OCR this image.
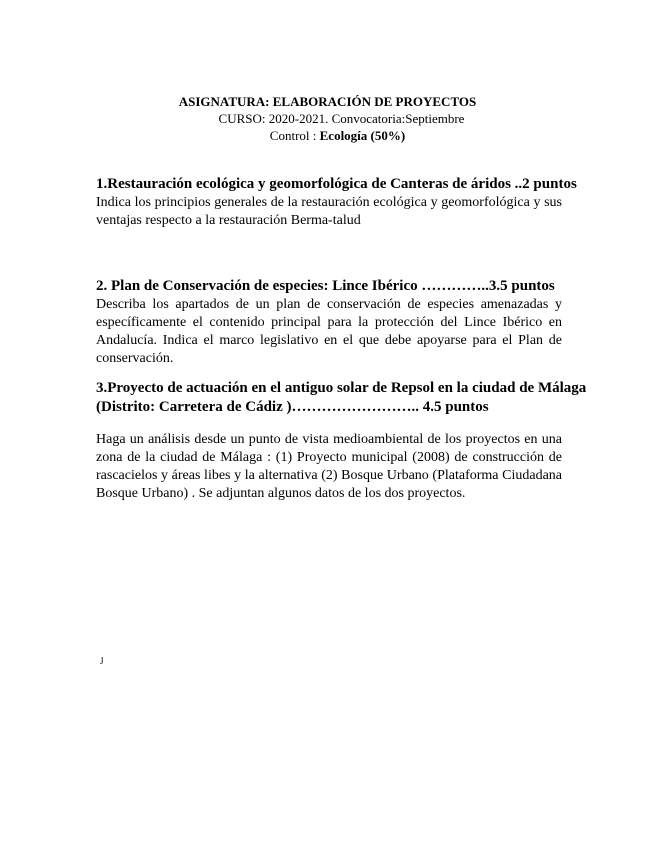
ASIGNATURA: ELABORACIÓN DE PROYECTOS
CURSO: 2020-2021. Convocatoria:Septiembre
Control : Ecología (50%)
1.Restauración ecológica y geomorfológica de Canteras de áridos ..2 puntos
Indica los principios generales de la restauración ecológica y geomorfológica y sus ventajas respecto a la restauración Berma-talud
2. Plan de Conservación de especies: Lince Ibérico …………..3.5 puntos
Describa los apartados de un plan de conservación de especies amenazadas y específicamente el contenido principal para la protección del Lince Ibérico en Andalucía. Indica el marco legislativo en el que debe apoyarse para el Plan de conservación.
3.Proyecto de actuación en el antiguo solar de Repsol en la ciudad de Málaga (Distrito: Carretera de Cádiz )…………………….. 4.5 puntos
Haga un análisis desde un punto de vista medioambiental de los proyectos en una zona de la ciudad de Málaga : (1) Proyecto municipal (2008) de construcción de rascacielos y áreas libes y la alternativa (2) Bosque Urbano (Plataforma Ciudadana Bosque Urbano) . Se adjuntan algunos datos de los dos proyectos.
J
